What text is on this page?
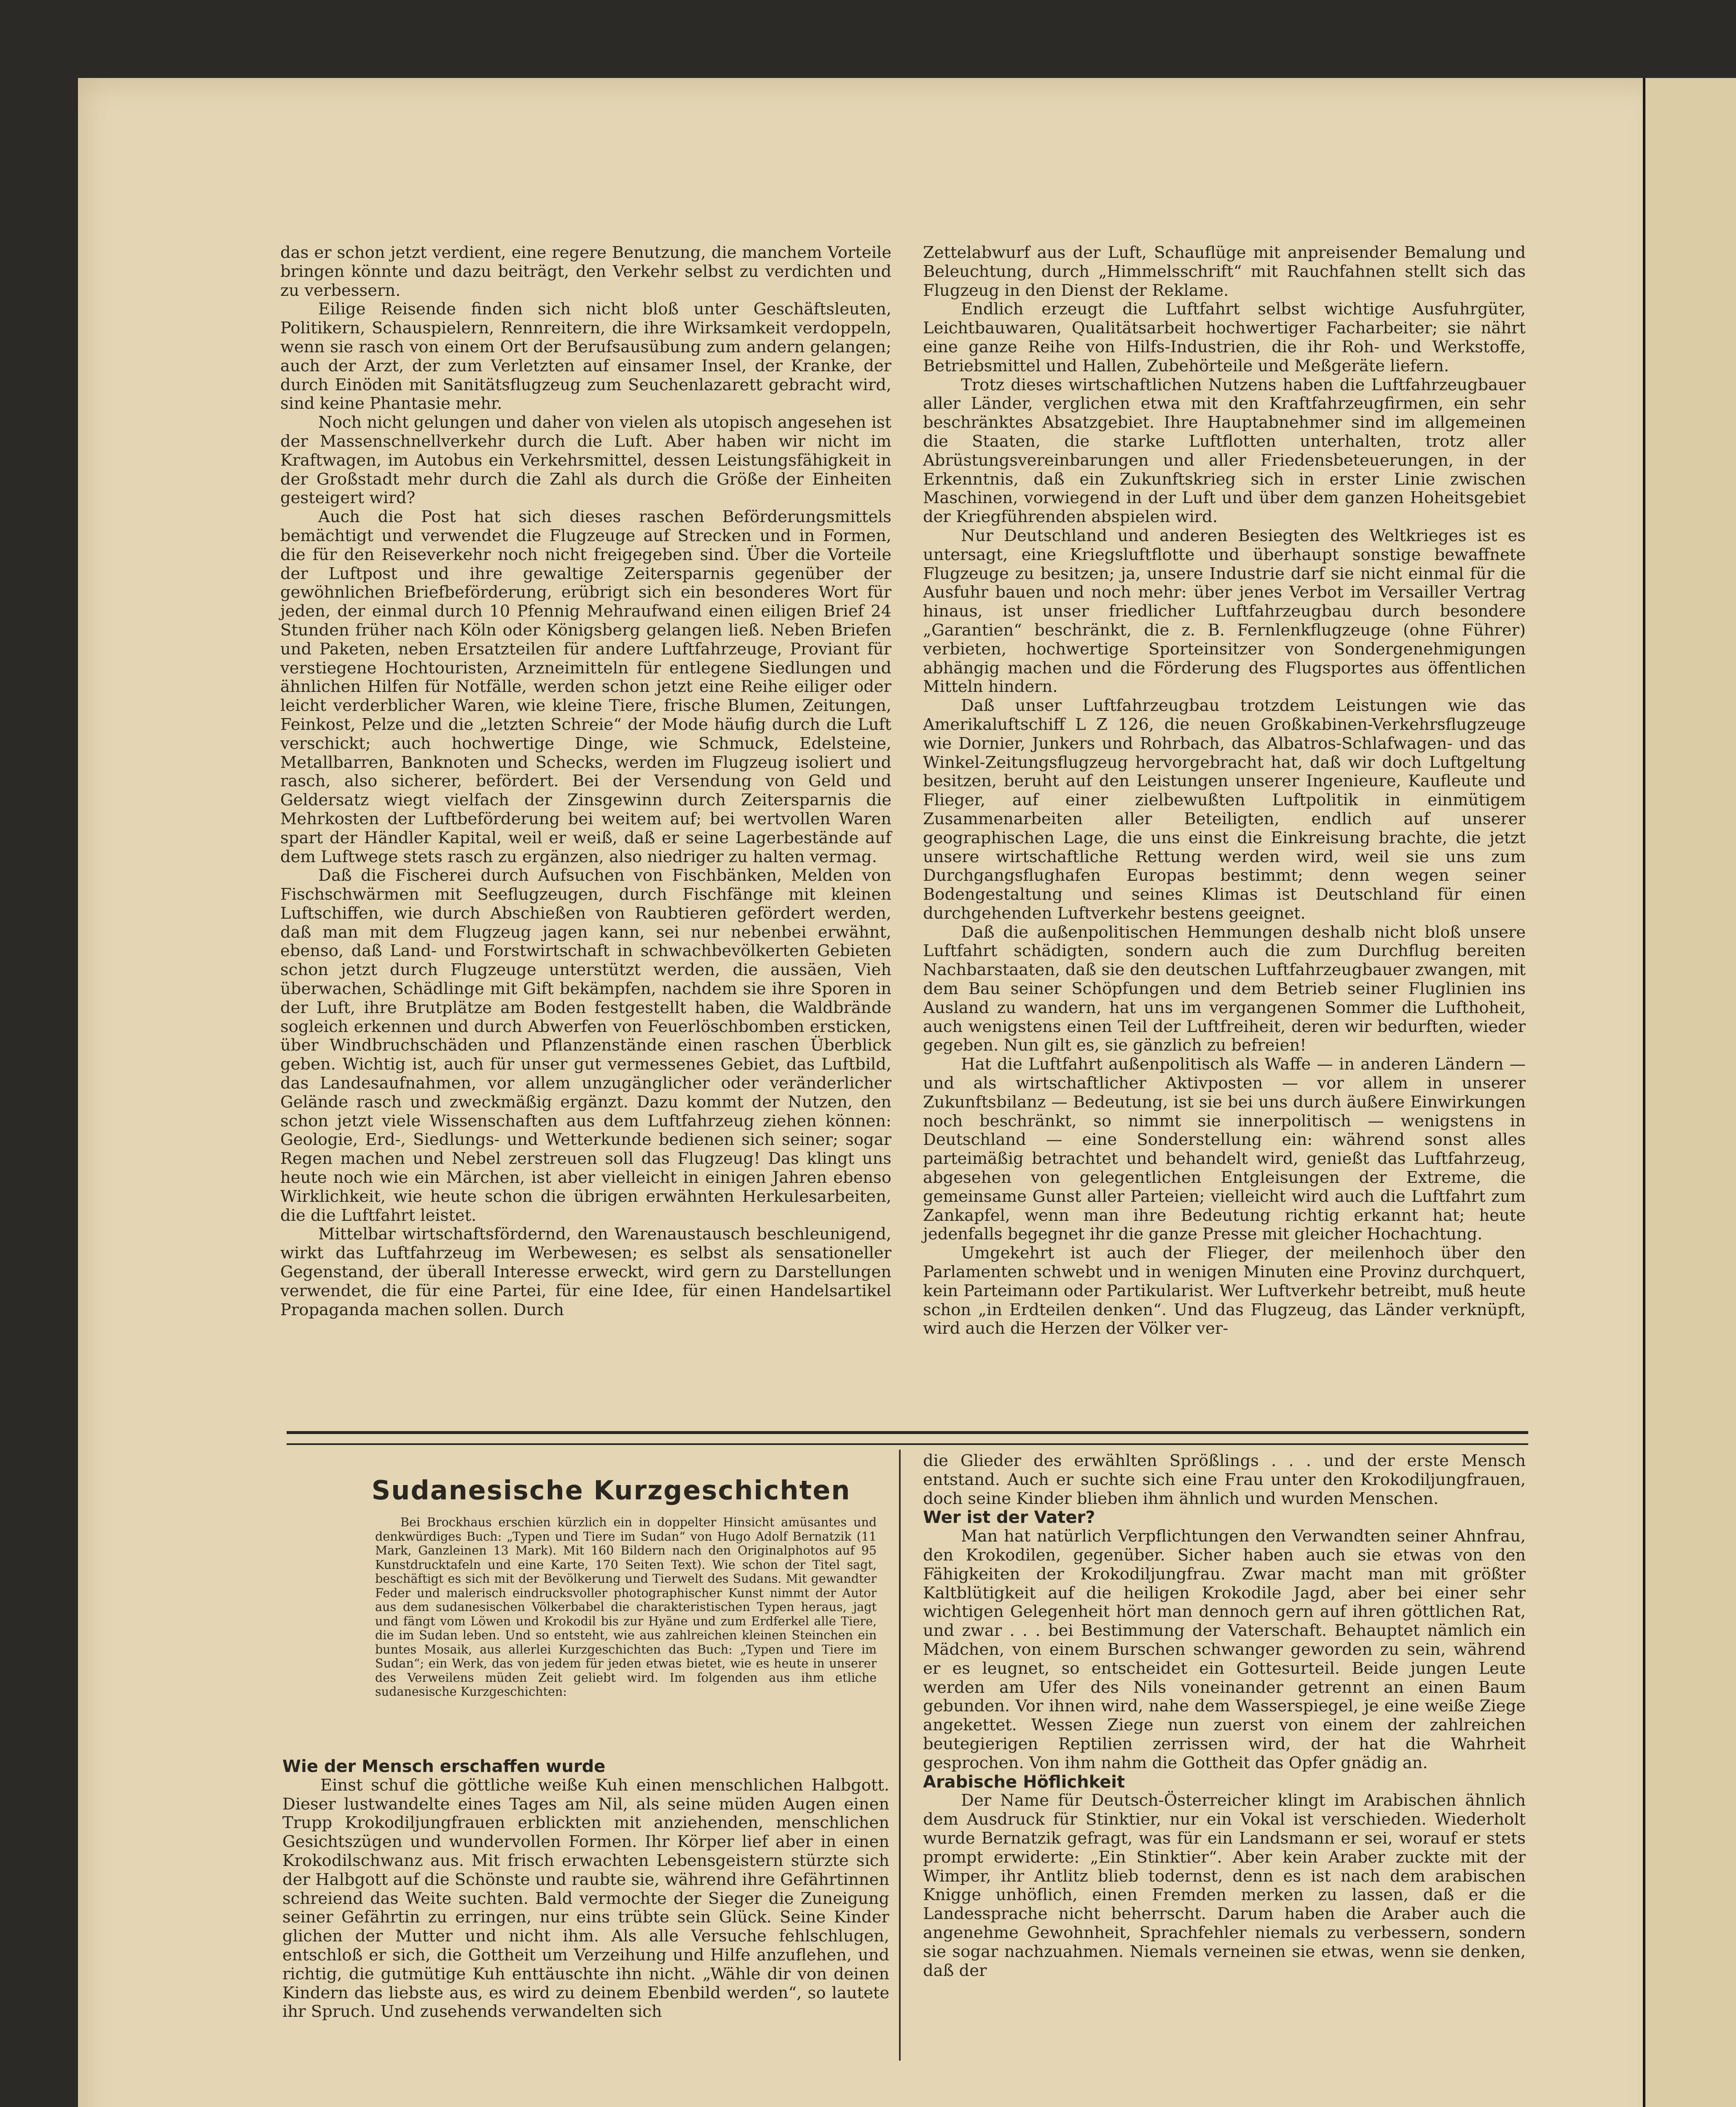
das er schon jetzt verdient, eine regere Benutzung, die manchem Vorteile bringen könnte und dazu beiträgt, den Verkehr selbst zu verdichten und zu verbessern.

Eilige Reisende finden sich nicht bloß unter Geschäftsleuten, Politikern, Schauspielern, Rennreitern, die ihre Wirksamkeit verdoppeln, wenn sie rasch von einem Ort der Berufsausübung zum andern gelangen; auch der Arzt, der zum Verletzten auf einsamer Insel, der Kranke, der durch Einöden mit Sanitätsflugzeug zum Seuchenlazarett gebracht wird, sind keine Phantasie mehr.

Noch nicht gelungen und daher von vielen als utopisch angesehen ist der Massenschnellverkehr durch die Luft. Aber haben wir nicht im Kraftwagen, im Autobus ein Verkehrsmittel, dessen Leistungsfähigkeit in der Großstadt mehr durch die Zahl als durch die Größe der Einheiten gesteigert wird?

Auch die Post hat sich dieses raschen Beförderungsmittels bemächtigt und verwendet die Flugzeuge auf Strecken und in Formen, die für den Reiseverkehr noch nicht freigegeben sind. Über die Vorteile der Luftpost und ihre gewaltige Zeitersparnis gegenüber der gewöhnlichen Briefbeförderung, erübrigt sich ein besonderes Wort für jeden, der einmal durch 10 Pfennig Mehraufwand einen eiligen Brief 24 Stunden früher nach Köln oder Königsberg gelangen ließ. Neben Briefen und Paketen, neben Ersatzteilen für andere Luftfahrzeuge, Proviant für verstiegene Hochtouristen, Arzneimitteln für entlegene Siedlungen und ähnlichen Hilfen für Notfälle, werden schon jetzt eine Reihe eiliger oder leicht verderblicher Waren, wie kleine Tiere, frische Blumen, Zeitungen, Feinkost, Pelze und die „letzten Schreie“ der Mode häufig durch die Luft verschickt; auch hochwertige Dinge, wie Schmuck, Edelsteine, Metallbarren, Banknoten und Schecks, werden im Flugzeug isoliert und rasch, also sicherer, befördert. Bei der Versendung von Geld und Geldersatz wiegt vielfach der Zinsgewinn durch Zeitersparnis die Mehrkosten der Luftbeförderung bei weitem auf; bei wertvollen Waren spart der Händler Kapital, weil er weiß, daß er seine Lagerbestände auf dem Luftwege stets rasch zu ergänzen, also niedriger zu halten vermag.

Daß die Fischerei durch Aufsuchen von Fischbänken, Melden von Fischschwärmen mit Seeflugzeugen, durch Fischfänge mit kleinen Luftschiffen, wie durch Abschießen von Raubtieren gefördert werden, daß man mit dem Flugzeug jagen kann, sei nur nebenbei erwähnt, ebenso, daß Land- und Forstwirtschaft in schwachbevölkerten Gebieten schon jetzt durch Flugzeuge unterstützt werden, die aussäen, Vieh überwachen, Schädlinge mit Gift bekämpfen, nachdem sie ihre Sporen in der Luft, ihre Brutplätze am Boden festgestellt haben, die Waldbrände sogleich erkennen und durch Abwerfen von Feuerlöschbomben ersticken, über Windbruchschäden und Pflanzenstände einen raschen Überblick geben. Wichtig ist, auch für unser gut vermessenes Gebiet, das Luftbild, das Landesaufnahmen, vor allem unzugänglicher oder veränderlicher Gelände rasch und zweckmäßig ergänzt. Dazu kommt der Nutzen, den schon jetzt viele Wissenschaften aus dem Luftfahrzeug ziehen können: Geologie, Erd-, Siedlungs- und Wetterkunde bedienen sich seiner; sogar Regen machen und Nebel zerstreuen soll das Flugzeug! Das klingt uns heute noch wie ein Märchen, ist aber vielleicht in einigen Jahren ebenso Wirklichkeit, wie heute schon die übrigen erwähnten Herkulesarbeiten, die die Luftfahrt leistet.

Mittelbar wirtschaftsfördernd, den Warenaustausch beschleunigend, wirkt das Luftfahrzeug im Werbewesen; es selbst als sensationeller Gegenstand, der überall Interesse erweckt, wird gern zu Darstellungen verwendet, die für eine Partei, für eine Idee, für einen Handelsartikel Propaganda machen sollen. Durch

Zettelabwurf aus der Luft, Schauflüge mit anpreisender Bemalung und Beleuchtung, durch „Himmelsschrift“ mit Rauchfahnen stellt sich das Flugzeug in den Dienst der Reklame.

Endlich erzeugt die Luftfahrt selbst wichtige Ausfuhrgüter, Leichtbauwaren, Qualitätsarbeit hochwertiger Facharbeiter; sie nährt eine ganze Reihe von Hilfs-Industrien, die ihr Roh- und Werkstoffe, Betriebsmittel und Hallen, Zubehörteile und Meßgeräte liefern.

Trotz dieses wirtschaftlichen Nutzens haben die Luftfahrzeugbauer aller Länder, verglichen etwa mit den Kraftfahrzeugfirmen, ein sehr beschränktes Absatzgebiet. Ihre Hauptabnehmer sind im allgemeinen die Staaten, die starke Luftflotten unterhalten, trotz aller Abrüstungsvereinbarungen und aller Friedensbeteuerungen, in der Erkenntnis, daß ein Zukunftskrieg sich in erster Linie zwischen Maschinen, vorwiegend in der Luft und über dem ganzen Hoheitsgebiet der Kriegführenden abspielen wird.

Nur Deutschland und anderen Besiegten des Weltkrieges ist es untersagt, eine Kriegsluftflotte und überhaupt sonstige bewaffnete Flugzeuge zu besitzen; ja, unsere Industrie darf sie nicht einmal für die Ausfuhr bauen und noch mehr: über jenes Verbot im Versailler Vertrag hinaus, ist unser friedlicher Luftfahrzeugbau durch besondere „Garantien“ beschränkt, die z. B. Fernlenkflugzeuge (ohne Führer) verbieten, hochwertige Sporteinsitzer von Sondergenehmigungen abhängig machen und die Förderung des Flugsportes aus öffentlichen Mitteln hindern.

Daß unser Luftfahrzeugbau trotzdem Leistungen wie das Amerikaluftschiff L Z 126, die neuen Großkabinen-Verkehrsflugzeuge wie Dornier, Junkers und Rohrbach, das Albatros-Schlafwagen- und das Winkel-Zeitungsflugzeug hervorgebracht hat, daß wir doch Luftgeltung besitzen, beruht auf den Leistungen unserer Ingenieure, Kaufleute und Flieger, auf einer zielbewußten Luftpolitik in einmütigem Zusammenarbeiten aller Beteiligten, endlich auf unserer geographischen Lage, die uns einst die Einkreisung brachte, die jetzt unsere wirtschaftliche Rettung werden wird, weil sie uns zum Durchgangsflughafen Europas bestimmt; denn wegen seiner Bodengestaltung und seines Klimas ist Deutschland für einen durchgehenden Luftverkehr bestens geeignet.

Daß die außenpolitischen Hemmungen deshalb nicht bloß unsere Luftfahrt schädigten, sondern auch die zum Durchflug bereiten Nachbarstaaten, daß sie den deutschen Luftfahrzeugbauer zwangen, mit dem Bau seiner Schöpfungen und dem Betrieb seiner Fluglinien ins Ausland zu wandern, hat uns im vergangenen Sommer die Lufthoheit, auch wenigstens einen Teil der Luftfreiheit, deren wir bedurften, wieder gegeben. Nun gilt es, sie gänzlich zu befreien!

Hat die Luftfahrt außenpolitisch als Waffe — in anderen Ländern — und als wirtschaftlicher Aktivposten — vor allem in unserer Zukunftsbilanz — Bedeutung, ist sie bei uns durch äußere Einwirkungen noch beschränkt, so nimmt sie innerpolitisch — wenigstens in Deutschland — eine Sonderstellung ein: während sonst alles parteimäßig betrachtet und behandelt wird, genießt das Luftfahrzeug, abgesehen von gelegentlichen Entgleisungen der Extreme, die gemeinsame Gunst aller Parteien; vielleicht wird auch die Luftfahrt zum Zankapfel, wenn man ihre Bedeutung richtig erkannt hat; heute jedenfalls begegnet ihr die ganze Presse mit gleicher Hochachtung.

Umgekehrt ist auch der Flieger, der meilenhoch über den Parlamenten schwebt und in wenigen Minuten eine Provinz durchquert, kein Parteimann oder Partikularist. Wer Luftverkehr betreibt, muß heute schon „in Erdteilen denken“. Und das Flugzeug, das Länder verknüpft, wird auch die Herzen der Völker ver-

Sudanesische Kurzgeschichten

Bei Brockhaus erschien kürzlich ein in doppelter Hinsicht amüsantes und denkwürdiges Buch: „Typen und Tiere im Sudan“ von Hugo Adolf Bernatzik (11 Mark, Ganzleinen 13 Mark). Mit 160 Bildern nach den Originalphotos auf 95 Kunstdrucktafeln und eine Karte, 170 Seiten Text). Wie schon der Titel sagt, beschäftigt es sich mit der Bevölkerung und Tierwelt des Sudans. Mit gewandter Feder und malerisch eindrucksvoller photographischer Kunst nimmt der Autor aus dem sudanesischen Völkerbabel die charakteristischen Typen heraus, jagt und fängt vom Löwen und Krokodil bis zur Hyäne und zum Erdferkel alle Tiere, die im Sudan leben. Und so entsteht, wie aus zahlreichen kleinen Steinchen ein buntes Mosaik, aus allerlei Kurzgeschichten das Buch: „Typen und Tiere im Sudan“; ein Werk, das von jedem für jeden etwas bietet, wie es heute in unserer des Verweilens müden Zeit geliebt wird. Im folgenden aus ihm etliche sudanesische Kurzgeschichten:

Wie der Mensch erschaffen wurde

Einst schuf die göttliche weiße Kuh einen menschlichen Halbgott. Dieser lustwandelte eines Tages am Nil, als seine müden Augen einen Trupp Krokodiljungfrauen erblickten mit anziehenden, menschlichen Gesichtszügen und wundervollen Formen. Ihr Körper lief aber in einen Krokodilschwanz aus. Mit frisch erwachten Lebensgeistern stürzte sich der Halbgott auf die Schönste und raubte sie, während ihre Gefährtinnen schreiend das Weite suchten. Bald vermochte der Sieger die Zuneigung seiner Gefährtin zu erringen, nur eins trübte sein Glück. Seine Kinder glichen der Mutter und nicht ihm. Als alle Versuche fehlschlugen, entschloß er sich, die Gottheit um Verzeihung und Hilfe anzuflehen, und richtig, die gutmütige Kuh enttäuschte ihn nicht. „Wähle dir von deinen Kindern das liebste aus, es wird zu deinem Ebenbild werden“, so lautete ihr Spruch. Und zusehends verwandelten sich

die Glieder des erwählten Sprößlings . . . und der erste Mensch entstand. Auch er suchte sich eine Frau unter den Krokodiljungfrauen, doch seine Kinder blieben ihm ähnlich und wurden Menschen.

Wer ist der Vater?

Man hat natürlich Verpflichtungen den Verwandten seiner Ahnfrau, den Krokodilen, gegenüber. Sicher haben auch sie etwas von den Fähigkeiten der Krokodiljungfrau. Zwar macht man mit größter Kaltblütigkeit auf die heiligen Krokodile Jagd, aber bei einer sehr wichtigen Gelegenheit hört man dennoch gern auf ihren göttlichen Rat, und zwar . . . bei Bestimmung der Vaterschaft. Behauptet nämlich ein Mädchen, von einem Burschen schwanger geworden zu sein, während er es leugnet, so entscheidet ein Gottesurteil. Beide jungen Leute werden am Ufer des Nils voneinander getrennt an einen Baum gebunden. Vor ihnen wird, nahe dem Wasserspiegel, je eine weiße Ziege angekettet. Wessen Ziege nun zuerst von einem der zahlreichen beutegierigen Reptilien zerrissen wird, der hat die Wahrheit gesprochen. Von ihm nahm die Gottheit das Opfer gnädig an.

Arabische Höflichkeit

Der Name für Deutsch-Österreicher klingt im Arabischen ähnlich dem Ausdruck für Stinktier, nur ein Vokal ist verschieden. Wiederholt wurde Bernatzik gefragt, was für ein Landsmann er sei, worauf er stets prompt erwiderte: „Ein Stinktier“. Aber kein Araber zuckte mit der Wimper, ihr Antlitz blieb todernst, denn es ist nach dem arabischen Knigge unhöflich, einen Fremden merken zu lassen, daß er die Landessprache nicht beherrscht. Darum haben die Araber auch die angenehme Gewohnheit, Sprachfehler niemals zu verbessern, sondern sie sogar nachzuahmen. Niemals verneinen sie etwas, wenn sie denken, daß der
